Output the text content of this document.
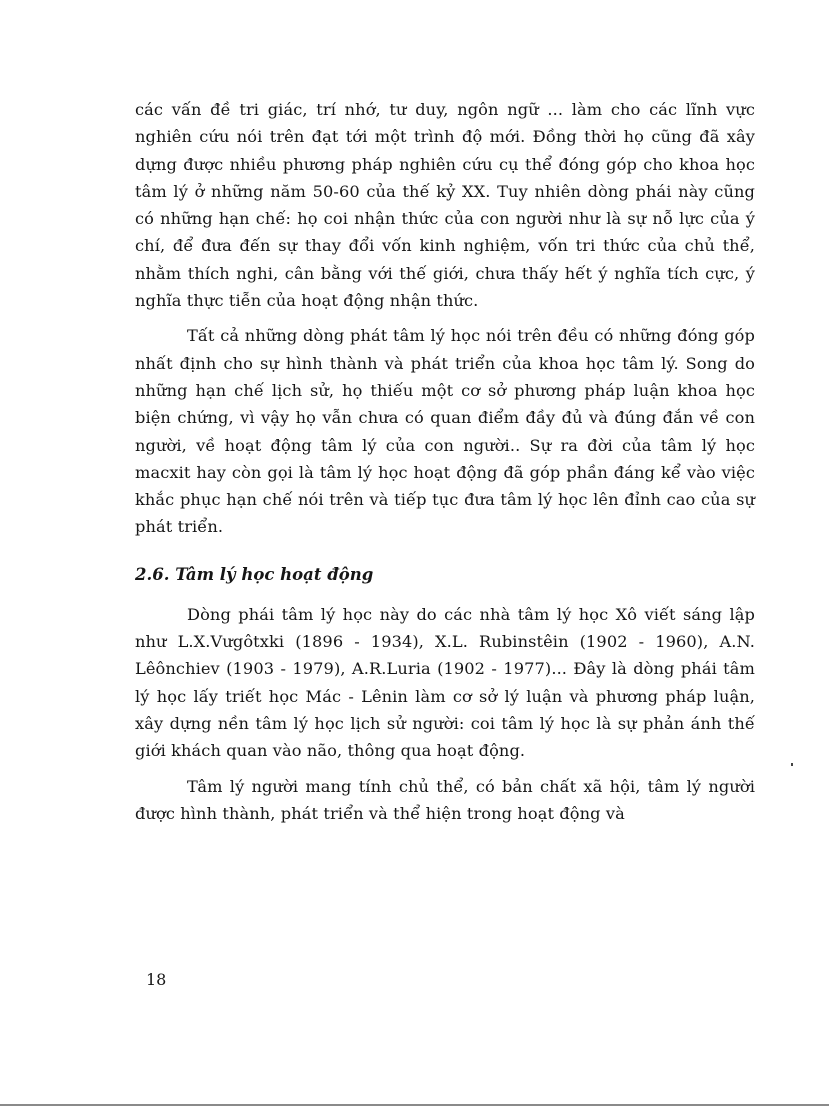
các vấn đề tri giác, trí nhớ, tư duy, ngôn ngữ ... làm cho các lĩnh vực nghiên cứu nói trên đạt tới một trình độ mới. Đồng thời họ cũng đã xây dựng được nhiều phương pháp nghiên cứu cụ thể đóng góp cho khoa học tâm lý ở những năm 50-60 của thế kỷ XX. Tuy nhiên dòng phái này cũng có những hạn chế: họ coi nhận thức của con người như là sự nỗ lực của ý chí, để đưa đến sự thay đổi vốn kinh nghiệm, vốn tri thức của chủ thể, nhằm thích nghi, cân bằng với thế giới, chưa thấy hết ý nghĩa tích cực, ý nghĩa thực tiễn của hoạt động nhận thức.

Tất cả những dòng phát tâm lý học nói trên đều có những đóng góp nhất định cho sự hình thành và phát triển của khoa học tâm lý. Song do những hạn chế lịch sử, họ thiếu một cơ sở phương pháp luận khoa học biện chứng, vì vậy họ vẫn chưa có quan điểm đầy đủ và đúng đắn về con người, về hoạt động tâm lý của con người.. Sự ra đời của tâm lý học macxit hay còn gọi là tâm lý học hoạt động đã góp phần đáng kể vào việc khắc phục hạn chế nói trên và tiếp tục đưa tâm lý học lên đỉnh cao của sự phát triển.

2.6. Tâm lý học hoạt động

Dòng phái tâm lý học này do các nhà tâm lý học Xô viết sáng lập như L.X.Vưgôtxki (1896 - 1934), X.L. Rubinstêin (1902 - 1960), A.N. Lêônchiev (1903 - 1979), A.R.Luria (1902 - 1977)... Đây là dòng phái tâm lý học lấy triết học Mác - Lênin làm cơ sở lý luận và phương pháp luận, xây dựng nền tâm lý học lịch sử người: coi tâm lý học là sự phản ánh thế giới khách quan vào não, thông qua hoạt động.

Tâm lý người mang tính chủ thể, có bản chất xã hội, tâm lý người được hình thành, phát triển và thể hiện trong hoạt động và

18
